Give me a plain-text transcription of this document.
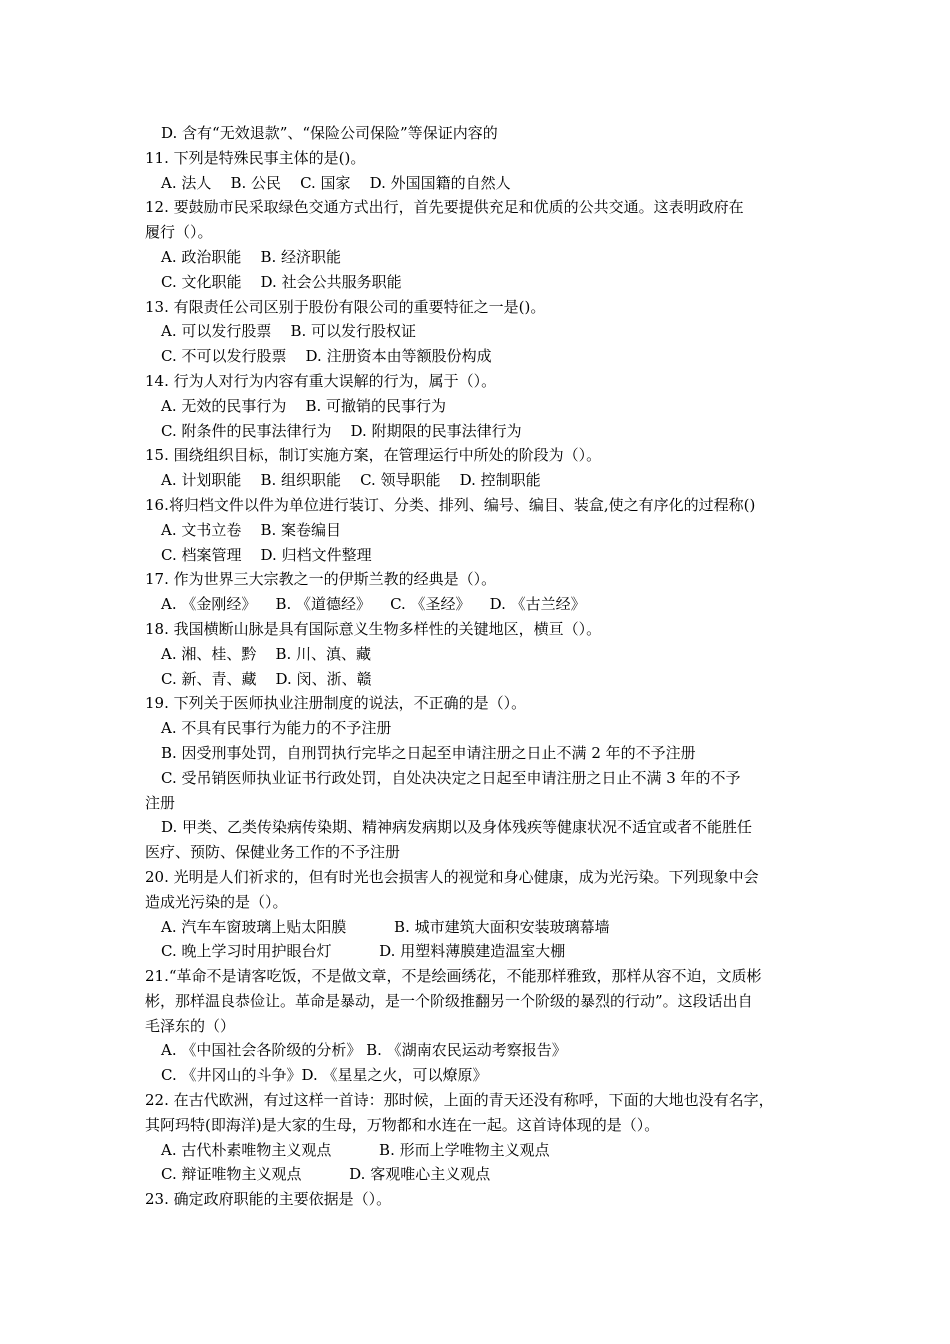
D. 含有“无效退款”、“保险公司保险”等保证内容的
11. 下列是特殊民事主体的是()。
A. 法人    B. 公民    C. 国家    D. 外国国籍的自然人
12. 要鼓励市民采取绿色交通方式出行，首先要提供充足和优质的公共交通。这表明政府在
履行（）。
A. 政治职能    B. 经济职能
C. 文化职能    D. 社会公共服务职能
13. 有限责任公司区别于股份有限公司的重要特征之一是()。
A. 可以发行股票    B. 可以发行股权证
C. 不可以发行股票    D. 注册资本由等额股份构成
14. 行为人对行为内容有重大误解的行为，属于（）。
A. 无效的民事行为    B. 可撤销的民事行为
C. 附条件的民事法律行为    D. 附期限的民事法律行为
15. 围绕组织目标，制订实施方案，在管理运行中所处的阶段为（）。
A. 计划职能    B. 组织职能    C. 领导职能    D. 控制职能
16.将归档文件以件为单位进行装订、分类、排列、编号、编目、装盒,使之有序化的过程称()
A. 文书立卷    B. 案卷编目
C. 档案管理    D. 归档文件整理
17. 作为世界三大宗教之一的伊斯兰教的经典是（）。
A. 《金刚经》    B. 《道德经》    C. 《圣经》    D. 《古兰经》
18. 我国横断山脉是具有国际意义生物多样性的关键地区，横亘（）。
A. 湘、桂、黔    B. 川、滇、藏
C. 新、青、藏    D. 闵、浙、赣
19. 下列关于医师执业注册制度的说法，不正确的是（）。
A. 不具有民事行为能力的不予注册
B. 因受刑事处罚，自刑罚执行完毕之日起至申请注册之日止不满 2 年的不予注册
C. 受吊销医师执业证书行政处罚，自处决决定之日起至申请注册之日止不满 3 年的不予
注册
D. 甲类、乙类传染病传染期、精神病发病期以及身体残疾等健康状况不适宜或者不能胜任
医疗、预防、保健业务工作的不予注册
20. 光明是人们祈求的，但有时光也会损害人的视觉和身心健康，成为光污染。下列现象中会
造成光污染的是（）。
A. 汽车车窗玻璃上贴太阳膜          B. 城市建筑大面积安装玻璃幕墙
C. 晚上学习时用护眼台灯          D. 用塑料薄膜建造温室大棚
21.“革命不是请客吃饭，不是做文章，不是绘画绣花，不能那样雅致，那样从容不迫，文质彬
彬，那样温良恭俭让。革命是暴动，是一个阶级推翻另一个阶级的暴烈的行动”。这段话出自
毛泽东的（）
A. 《中国社会各阶级的分析》 B. 《湖南农民运动考察报告》
C. 《井冈山的斗争》D. 《星星之火，可以燎原》
22. 在古代欧洲，有过这样一首诗：那时候，上面的青天还没有称呼，下面的大地也没有名字，
其阿玛特(即海洋)是大家的生母，万物都和水连在一起。这首诗体现的是（）。
A. 古代朴素唯物主义观点          B. 形而上学唯物主义观点
C. 辩证唯物主义观点          D. 客观唯心主义观点
23. 确定政府职能的主要依据是（）。
